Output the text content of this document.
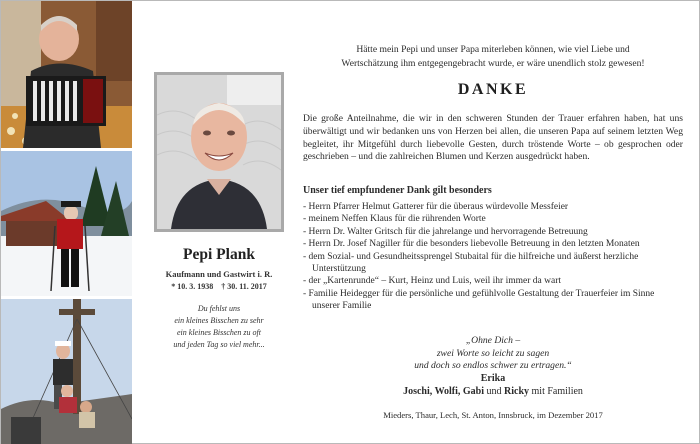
Pepi Plank
Kaufmann und Gastwirt i. R.
* 10. 3. 1938 † 30. 11. 2017
Du fehlst uns
ein kleines Bisschen zu sehr
ein kleines Bisschen zu oft
und jeden Tag so viel mehr...
Hätte mein Pepi und unser Papa miterleben können, wie viel Liebe und
Wertschätzung ihm entgegengebracht wurde, er wäre unendlich stolz gewesen!
DANKE
Die große Anteilnahme, die wir in den schweren Stunden der Trauer erfahren haben, hat uns überwältigt und wir bedanken uns von Herzen bei allen, die unseren Papa auf seinem letzten Weg begleitet, ihr Mitgefühl durch liebevolle Gesten, durch tröstende Worte – ob gesprochen oder geschrieben – und die zahlreichen Blumen und Kerzen ausgedrückt haben.
Unser tief empfundener Dank gilt besonders
- Herrn Pfarrer Helmut Gatterer für die überaus würdevolle Messfeier
- meinem Neffen Klaus für die rührenden Worte
- Herrn Dr. Walter Gritsch für die jahrelange und hervorragende Betreuung
- Herrn Dr. Josef Nagiller für die besonders liebevolle Betreuung in den letzten Monaten
- dem Sozial- und Gesundheitssprengel Stubaital für die hilfreiche und äußerst herzliche Unterstützung
- der „Kartenrunde“ – Kurt, Heinz und Luis, weil ihr immer da wart
- Familie Heidegger für die persönliche und gefühlvolle Gestaltung der Trauerfeier im Sinne unserer Familie
„Ohne Dich –
zwei Worte so leicht zu sagen
und doch so endlos schwer zu ertragen.“
Erika
Joschi, Wolfi, Gabi und Ricky mit Familien
Mieders, Thaur, Lech, St. Anton, Innsbruck, im Dezember 2017
